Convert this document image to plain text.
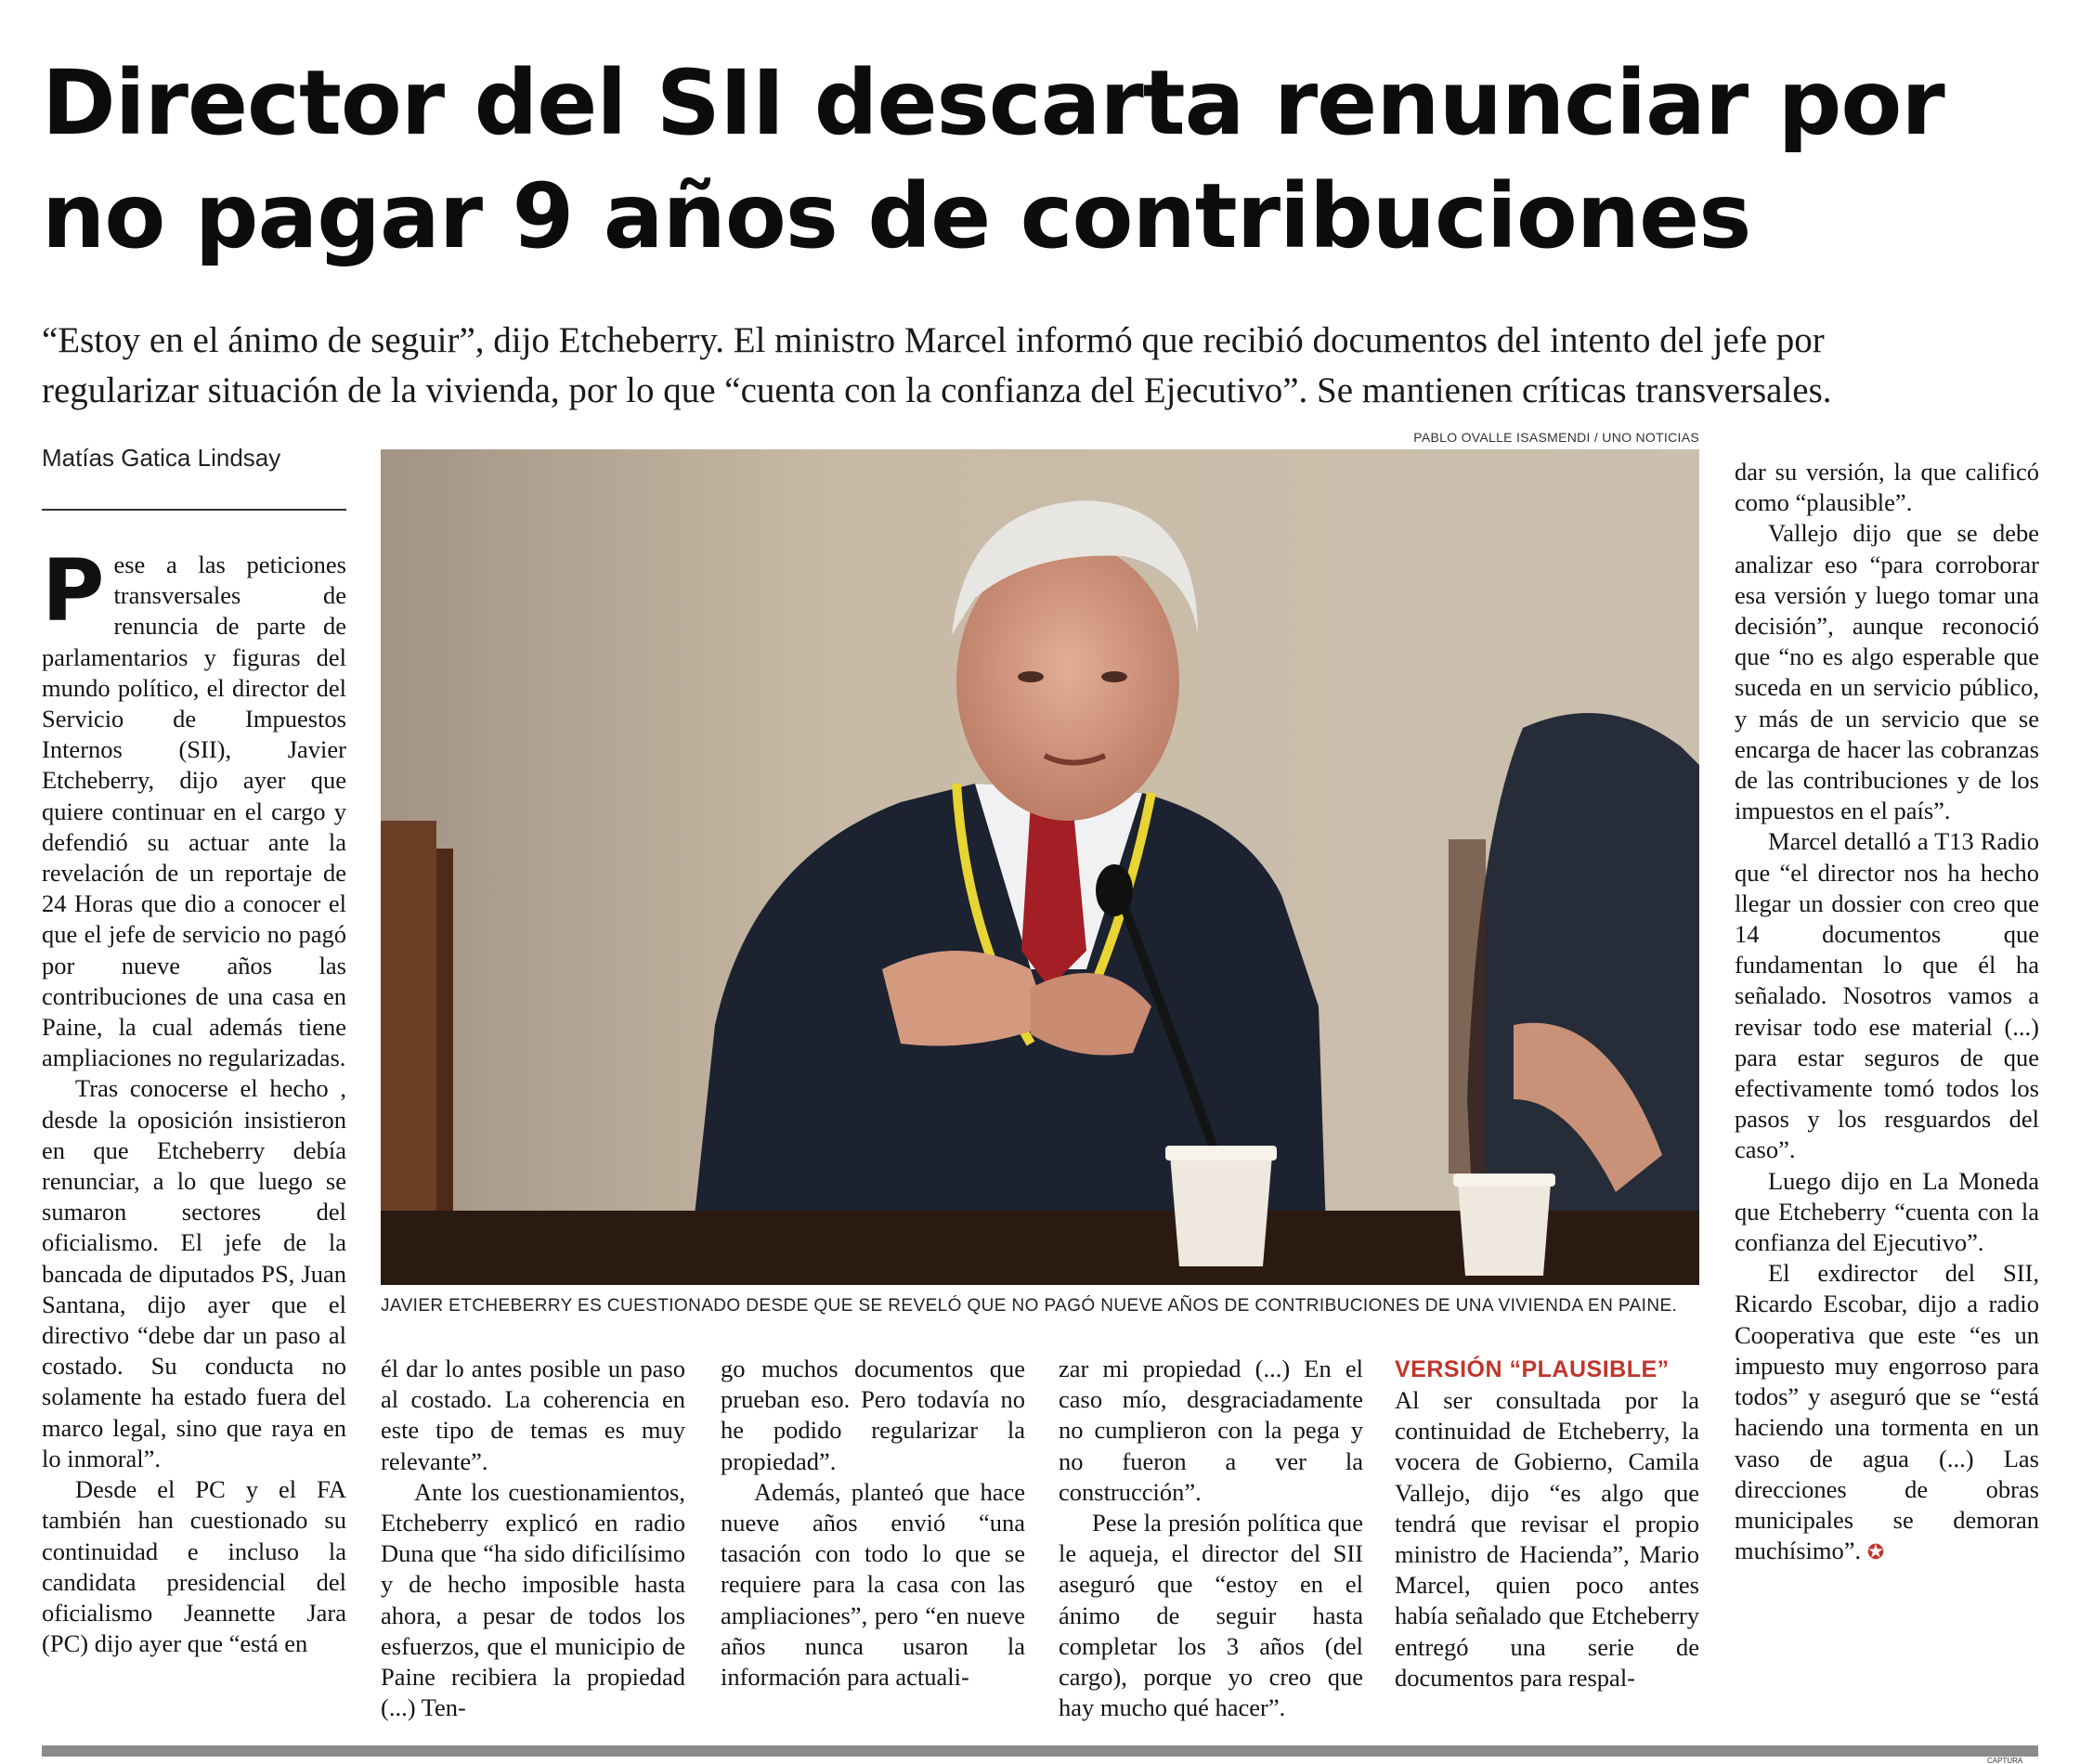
Director del SII descarta renunciar por
no pagar 9 años de contribuciones
“Estoy en el ánimo de seguir”, dijo Etcheberry. El ministro Marcel informó que recibió documentos del intento del jefe por
regularizar situación de la vivienda, por lo que “cuenta con la confianza del Ejecutivo”. Se mantienen críticas transversales.
Matías Gatica Lindsay

Pese a las peticiones transversales de renuncia de parte de parlamentarios y figuras del mundo político, el director del Servicio de Impuestos Internos (SII), Javier Etcheberry, dijo ayer que quiere continuar en el cargo y defendió su actuar ante la revelación de un reportaje de 24 Horas que dio a conocer el que el jefe de servicio no pagó por nueve años las contribuciones de una casa en Paine, la cual además tiene ampliaciones no regularizadas.

Tras conocerse el hecho , desde la oposición insistieron en que Etcheberry debía renunciar, a lo que luego se sumaron sectores del oficialismo. El jefe de la bancada de diputados PS, Juan Santana, dijo ayer que el directivo “debe dar un paso al costado. Su conducta no solamente ha estado fuera del marco legal, sino que raya en lo inmoral”.

Desde el PC y el FA también han cuestionado su continuidad e incluso la candidata presidencial del oficialismo Jeannette Jara (PC) dijo ayer que “está en

PABLO OVALLE ISASMENDI / UNO NOTICIAS
JAVIER ETCHEBERRY ES CUESTIONADO DESDE QUE SE REVELÓ QUE NO PAGÓ NUEVE AÑOS DE CONTRIBUCIONES DE UNA VIVIENDA EN PAINE.

él dar lo antes posible un paso al costado. La coherencia en este tipo de temas es muy relevante”.

Ante los cuestionamientos, Etcheberry explicó en radio Duna que “ha sido dificilísimo y de hecho imposible hasta ahora, a pesar de todos los esfuerzos, que el municipio de Paine recibiera la propiedad (...) Ten-

go muchos documentos que prueban eso. Pero todavía no he podido regularizar la propiedad”.

Además, planteó que hace nueve años envió “una tasación con todo lo que se requiere para la casa con las ampliaciones”, pero “en nueve años nunca usaron la información para actuali-

zar mi propiedad (...) En el caso mío, desgraciadamente no cumplieron con la pega y no fueron a ver la construcción”.

Pese la presión política que le aqueja, el director del SII aseguró que “estoy en el ánimo de seguir hasta completar los 3 años (del cargo), porque yo creo que hay mucho qué hacer”.

VERSIÓN “PLAUSIBLE”

Al ser consultada por la continuidad de Etcheberry, la vocera de Gobierno, Camila Vallejo, dijo “es algo que tendrá que revisar el propio ministro de Hacienda”, Mario Marcel, quien poco antes había señalado que Etcheberry entregó una serie de documentos para respal-

dar su versión, la que calificó como “plausible”.

Vallejo dijo que se debe analizar eso “para corroborar esa versión y luego tomar una decisión”, aunque reconoció que “no es algo esperable que suceda en un servicio público, y más de un servicio que se encarga de hacer las cobranzas de las contribuciones y de los impuestos en el país”.

Marcel detalló a T13 Radio que “el director nos ha hecho llegar un dossier con creo que 14 documentos que fundamentan lo que él ha señalado. Nosotros vamos a revisar todo ese material (...) para estar seguros de que efectivamente tomó todos los pasos y los resguardos del caso”.

Luego dijo en La Moneda que Etcheberry “cuenta con la confianza del Ejecutivo”.

El exdirector del SII, Ricardo Escobar, dijo a radio Cooperativa que este “es un impuesto muy engorroso para todos” y aseguró que se “está haciendo una tormenta en un vaso de agua (...) Las direcciones de obras municipales se demoran muchísimo”. ✪

CAPTURA
